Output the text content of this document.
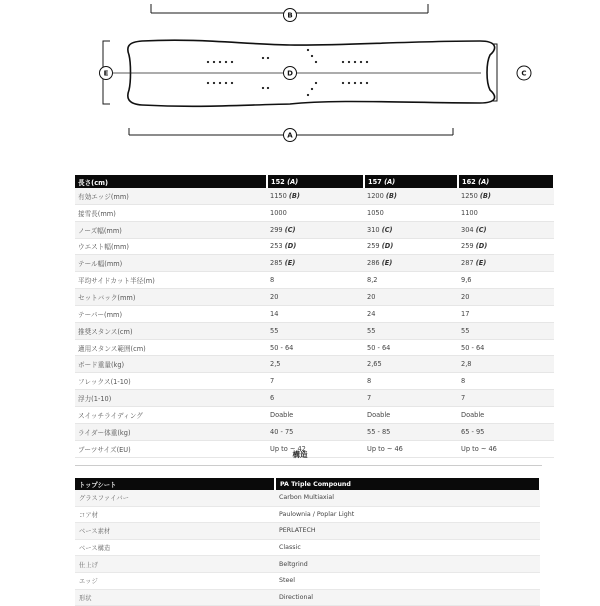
B
E	D	C
A
長さ(cm)	152 (A)	157 (A)	162 (A)
有効エッジ(mm)	1150 (B)	1200 (B)	1250 (B)
接雪長(mm)	1000	1050	1100
ノーズ幅(mm)	299 (C)	310 (C)	304 (C)
ウエスト幅(mm)	253 (D)	259 (D)	259 (D)
テール幅(mm)	285 (E)	286 (E)	287 (E)
平均サイドカット半径(m)	8	8,2	9,6
セットバック(mm)	20	20	20
テーパー(mm)	14	24	17
推奨スタンス(cm)	55	55	55
適用スタンス範囲(cm)	50 - 64	50 - 64	50 - 64
ボード重量(kg)	2,5	2,65	2,8
フレックス(1-10)	7	8	8
浮力(1-10)	6	7	7
スイッチライディング	Doable	Doable	Doable
ライダー体重(kg)	40 - 75	55 - 85	65 - 95
ブーツサイズ(EU)	Up to ~ 42	Up to ~ 46	Up to ~ 46
構造
トップシート	PA Triple Compound
グラスファイバー	Carbon Multiaxial
コア材	Paulownia / Poplar Light
ベース素材	PERLATECH
ベース構造	Classic
仕上げ	Beltgrind
エッジ	Steel
形状	Directional
